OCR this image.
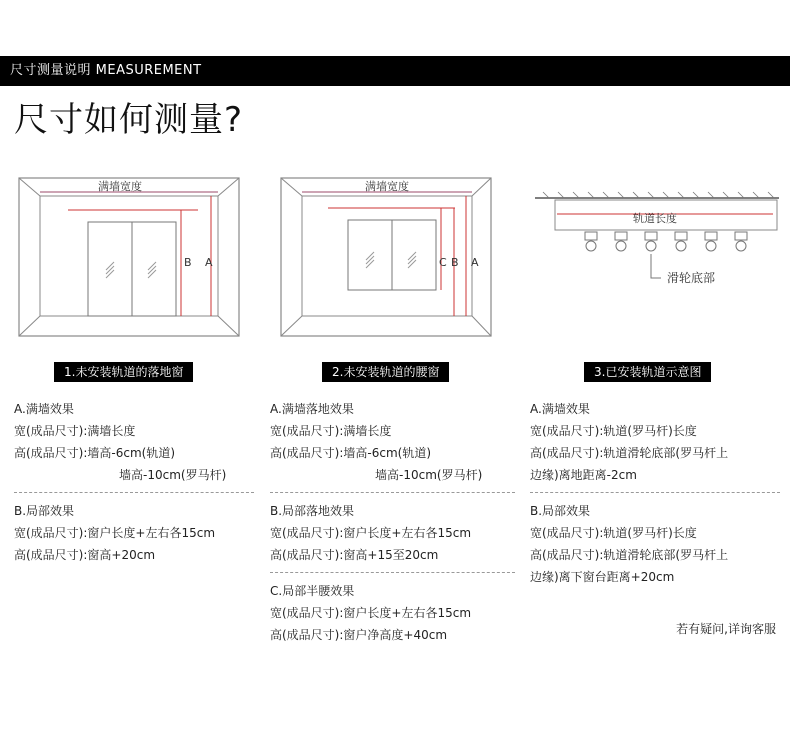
尺寸测量说明 MEASUREMENT
尺寸如何测量?
满墙宽度
B A
1.未安装轨道的落地窗
满墙宽度
C B A
2.未安装轨道的腰窗
轨道长度
滑轮底部
3.已安装轨道示意图
A.满墙效果
宽(成品尺寸):满墙长度
高(成品尺寸):墙高-6cm(轨道)
墙高-10cm(罗马杆)
B.局部效果
宽(成品尺寸):窗户长度+左右各15cm
高(成品尺寸):窗高+20cm
A.满墙落地效果
宽(成品尺寸):满墙长度
高(成品尺寸):墙高-6cm(轨道)
墙高-10cm(罗马杆)
B.局部落地效果
宽(成品尺寸):窗户长度+左右各15cm
高(成品尺寸):窗高+15至20cm
C.局部半腰效果
宽(成品尺寸):窗户长度+左右各15cm
高(成品尺寸):窗户净高度+40cm
A.满墙效果
宽(成品尺寸):轨道(罗马杆)长度
高(成品尺寸):轨道滑轮底部(罗马杆上
边缘)离地距离-2cm
B.局部效果
宽(成品尺寸):轨道(罗马杆)长度
高(成品尺寸):轨道滑轮底部(罗马杆上
边缘)离下窗台距离+20cm
若有疑问,详询客服
